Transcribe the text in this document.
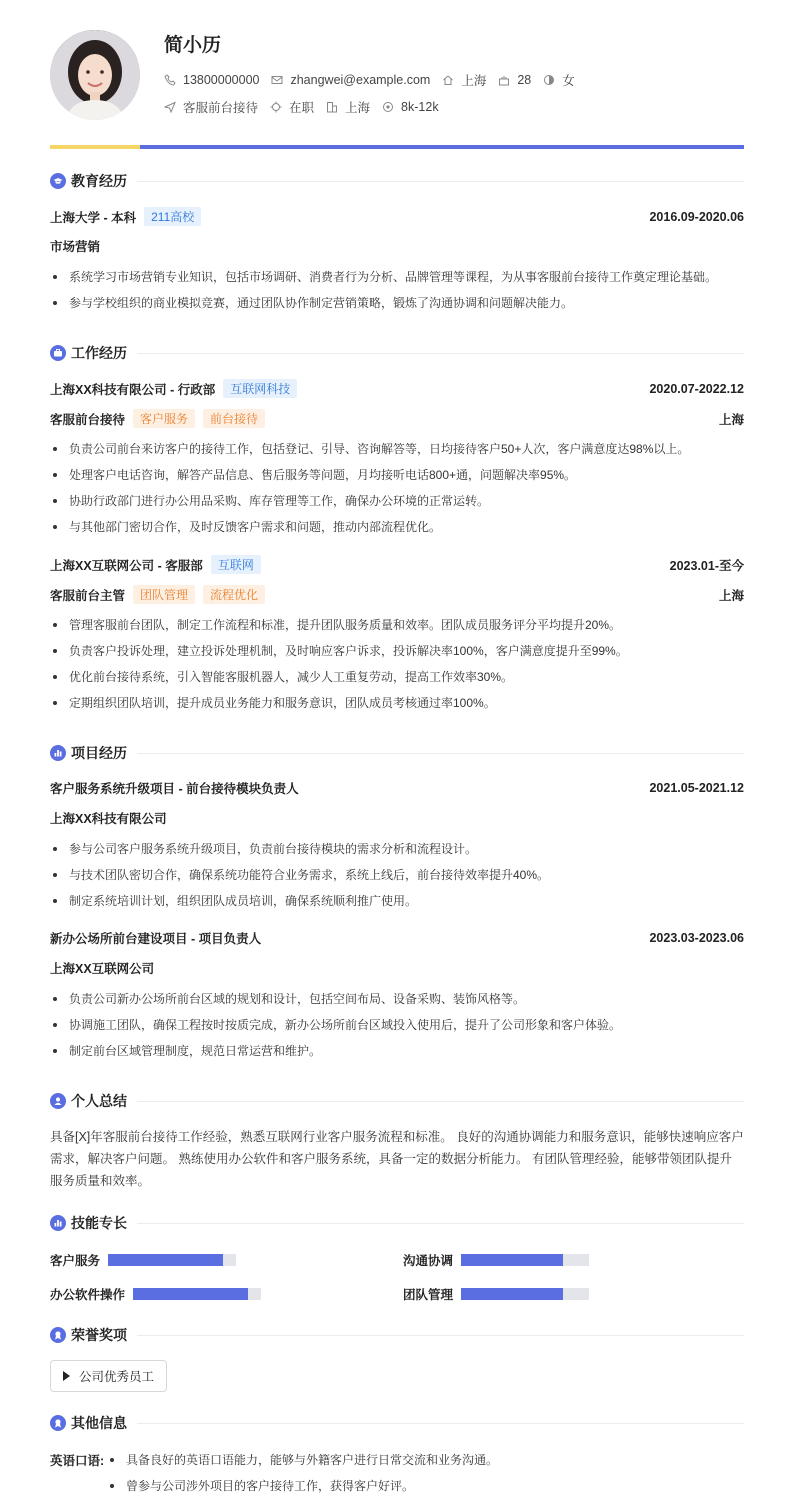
简小历
13800000000 zhangwei@example.com 上海 28 女
客服前台接待 在职 上海 8k-12k
教育经历
上海大学 - 本科	211高校	2016.09-2020.06
市场营销
系统学习市场营销专业知识，包括市场调研、消费者行为分析、品牌管理等课程，为从事客服前台接待工作奠定理论基础。
参与学校组织的商业模拟竞赛，通过团队协作制定营销策略，锻炼了沟通协调和问题解决能力。
工作经历
上海XX科技有限公司 - 行政部	互联网科技	2020.07-2022.12
客服前台接待	客户服务	前台接待	上海
负责公司前台来访客户的接待工作，包括登记、引导、咨询解答等，日均接待客户50+人次，客户满意度达98%以上。
处理客户电话咨询，解答产品信息、售后服务等问题，月均接听电话800+通，问题解决率95%。
协助行政部门进行办公用品采购、库存管理等工作，确保办公环境的正常运转。
与其他部门密切合作，及时反馈客户需求和问题，推动内部流程优化。
上海XX互联网公司 - 客服部	互联网	2023.01-至今
客服前台主管	团队管理	流程优化	上海
管理客服前台团队，制定工作流程和标准，提升团队服务质量和效率。团队成员服务评分平均提升20%。
负责客户投诉处理，建立投诉处理机制，及时响应客户诉求，投诉解决率100%，客户满意度提升至99%。
优化前台接待系统，引入智能客服机器人，减少人工重复劳动，提高工作效率30%。
定期组织团队培训，提升成员业务能力和服务意识，团队成员考核通过率100%。
项目经历
客户服务系统升级项目 - 前台接待模块负责人	2021.05-2021.12
上海XX科技有限公司
参与公司客户服务系统升级项目，负责前台接待模块的需求分析和流程设计。
与技术团队密切合作，确保系统功能符合业务需求，系统上线后，前台接待效率提升40%。
制定系统培训计划，组织团队成员培训，确保系统顺利推广使用。
新办公场所前台建设项目 - 项目负责人	2023.03-2023.06
上海XX互联网公司
负责公司新办公场所前台区域的规划和设计，包括空间布局、设备采购、装饰风格等。
协调施工团队，确保工程按时按质完成，新办公场所前台区域投入使用后，提升了公司形象和客户体验。
制定前台区域管理制度，规范日常运营和维护。
个人总结
具备[X]年客服前台接待工作经验，熟悉互联网行业客户服务流程和标准。 良好的沟通协调能力和服务意识，能够快速响应客户需求，解决客户问题。 熟练使用办公软件和客户服务系统，具备一定的数据分析能力。 有团队管理经验，能够带领团队提升服务质量和效率。
技能专长
客户服务	沟通协调
办公软件操作	团队管理
荣誉奖项
公司优秀员工
其他信息
英语口语: 具备良好的英语口语能力，能够与外籍客户进行日常交流和业务沟通。
曾参与公司涉外项目的客户接待工作，获得客户好评。
